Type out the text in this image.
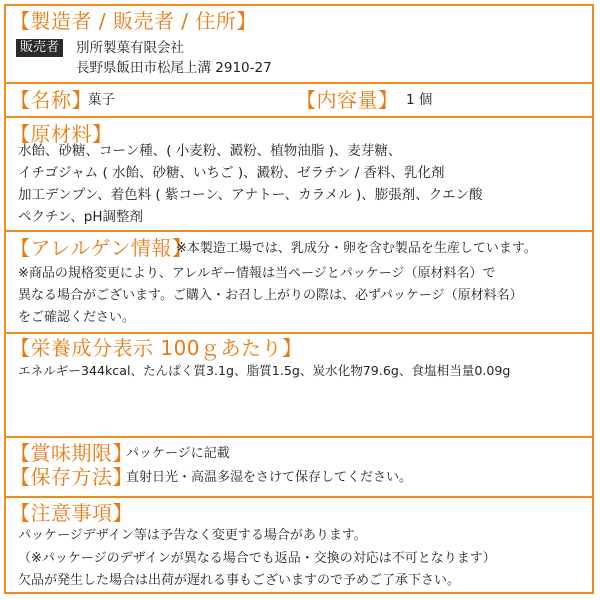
【製造者 / 販売者 / 住所】
販売者 別所製菓有限会社
長野県飯田市松尾上溝 2910-27
【名称】
菓子	【内容量】 1 個
【原材料】
水飴、砂糖、コーン種、( 小麦粉、澱粉、植物油脂 )、麦芽糖、
イチゴジャム ( 水飴、砂糖、いちご )、澱粉、ゼラチン / 香料、乳化剤
加工デンプン、着色料 ( 紫コーン、アナトー、カラメル )、膨張剤、クエン酸
ペクチン、pH調整剤
【アレルゲン情報】
※本製造工場では、乳成分・卵を含む製品を生産しています。
※商品の規格変更により、アレルギー情報は当ページとパッケージ（原材料名）で
異なる場合がございます。ご購入・お召し上がりの際は、必ずパッケージ（原材料名）
をご確認ください。
【栄養成分表示 100ｇあたり】
エネルギー344kcal、たんぱく質3.1g、脂質1.5g、炭水化物79.6g、食塩相当量0.09g
【賞味期限】
パッケージに記載
【保存方法】
直射日光・高温多湿をさけて保存してください。
【注意事項】
パッケージデザイン等は予告なく変更する場合があります。
（※パッケージのデザインが異なる場合でも返品・交換の対応は不可となります）
欠品が発生した場合は出荷が遅れる事もございますので予めご了承下さい。
